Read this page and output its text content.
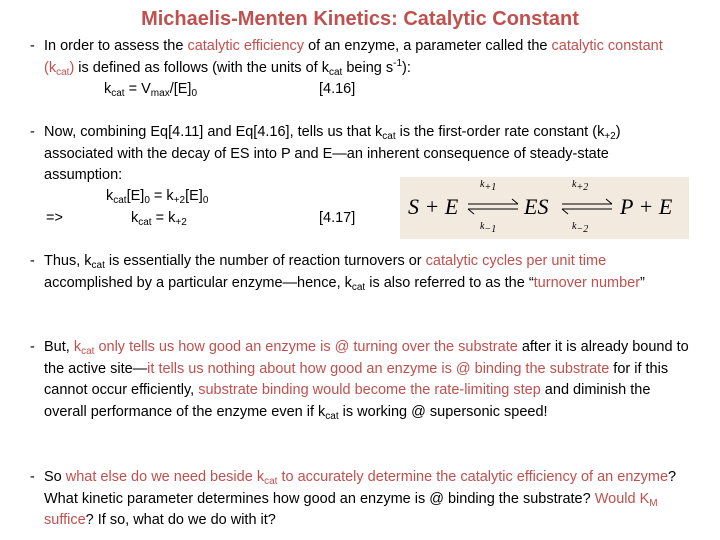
Michaelis-Menten Kinetics: Catalytic Constant
- In order to assess the catalytic efficiency of an enzyme, a parameter called the catalytic constant $(k_{cat})$ is defined as follows (with the units of $k_{cat}$ being $s^{-1}$):
$k_{cat} = V_{max}/[E]_0$	[4.16]
- Now, combining Eq[4.11] and Eq[4.16], tells us that $k_{cat}$ is the first-order rate constant $(k_{+2})$ associated with the decay of ES into P and E—an inherent consequence of steady-state assumption:
$k_{cat}[E]_0 = k_{+2}[E]_0$
=>	$k_{cat} = k_{+2}$	[4.17]
$k_{+1}$
$k_{-1}$
$k_{+2}$
$k_{-2}$
S + E	ES	P + E
- Thus, $k_{cat}$ is essentially the number of reaction turnovers or catalytic cycles per unit time accomplished by a particular enzyme—hence, $k_{cat}$ is also referred to as the “turnover number”
- But, $k_{cat}$ only tells us how good an enzyme is @ turning over the substrate after it is already bound to the active site—it tells us nothing about how good an enzyme is @ binding the substrate for if this cannot occur efficiently, substrate binding would become the rate-limiting step and diminish the overall performance of the enzyme even if $k_{cat}$ is working @ supersonic speed!
- So what else do we need beside $k_{cat}$ to accurately determine the catalytic efficiency of an enzyme? What kinetic parameter determines how good an enzyme is @ binding the substrate? Would $K_M$ suffice? If so, what do we do with it?
